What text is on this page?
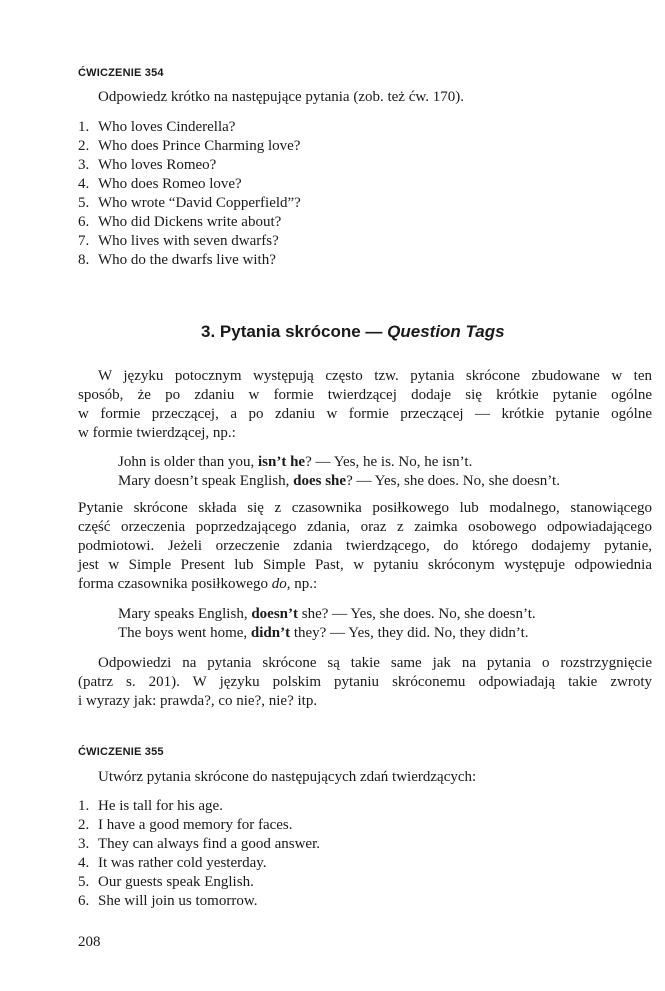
ĆWICZENIE 354
Odpowiedz krótko na następujące pytania (zob. też ćw. 170).
1. Who loves Cinderella?
2. Who does Prince Charming love?
3. Who loves Romeo?
4. Who does Romeo love?
5. Who wrote “David Copperfield”?
6. Who did Dickens write about?
7. Who lives with seven dwarfs?
8. Who do the dwarfs live with?
3. Pytania skrócone — Question Tags
W języku potocznym występują często tzw. pytania skrócone zbudowane w ten
sposób, że po zdaniu w formie twierdzącej dodaje się krótkie pytanie ogólne
w formie przeczącej, a po zdaniu w formie przeczącej — krótkie pytanie ogólne
w formie twierdzącej, np.:
John is older than you, isn’t he? — Yes, he is. No, he isn’t.
Mary doesn’t speak English, does she? — Yes, she does. No, she doesn’t.
Pytanie skrócone składa się z czasownika posiłkowego lub modalnego, stanowiącego
część orzeczenia poprzedzającego zdania, oraz z zaimka osobowego odpowiadającego
podmiotowi. Jeżeli orzeczenie zdania twierdzącego, do którego dodajemy pytanie,
jest w Simple Present lub Simple Past, w pytaniu skróconym występuje odpowiednia
forma czasownika posiłkowego do, np.:
Mary speaks English, doesn’t she? — Yes, she does. No, she doesn’t.
The boys went home, didn’t they? — Yes, they did. No, they didn’t.
Odpowiedzi na pytania skrócone są takie same jak na pytania o rozstrzygnięcie
(patrz s. 201). W języku polskim pytaniu skróconemu odpowiadają takie zwroty
i wyrazy jak: prawda?, co nie?, nie? itp.
ĆWICZENIE 355
Utwórz pytania skrócone do następujących zdań twierdzących:
1. He is tall for his age.
2. I have a good memory for faces.
3. They can always find a good answer.
4. It was rather cold yesterday.
5. Our guests speak English.
6. She will join us tomorrow.
208
